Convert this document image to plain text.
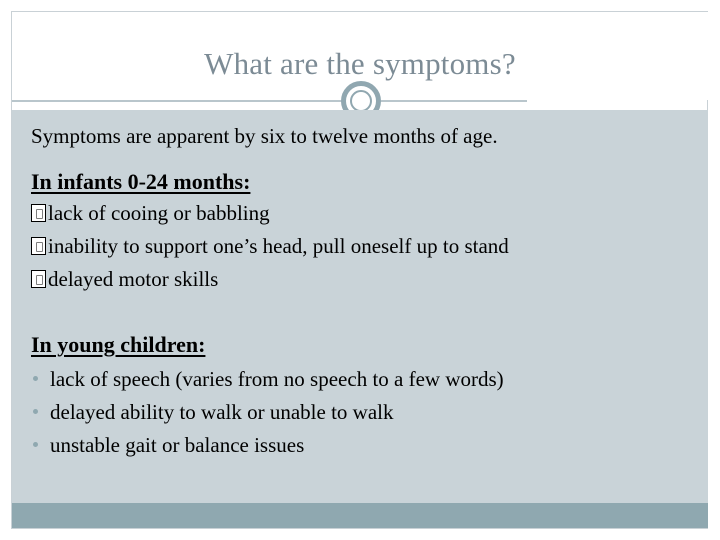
What are the symptoms?
Symptoms are apparent by six to twelve months of age.
In infants 0-24 months:
lack of cooing or babbling
inability to support one’s head, pull oneself up to stand
delayed motor skills
In young children:
lack of speech (varies from no speech to a few words)
delayed ability to walk or unable to walk
unstable gait or balance issues
